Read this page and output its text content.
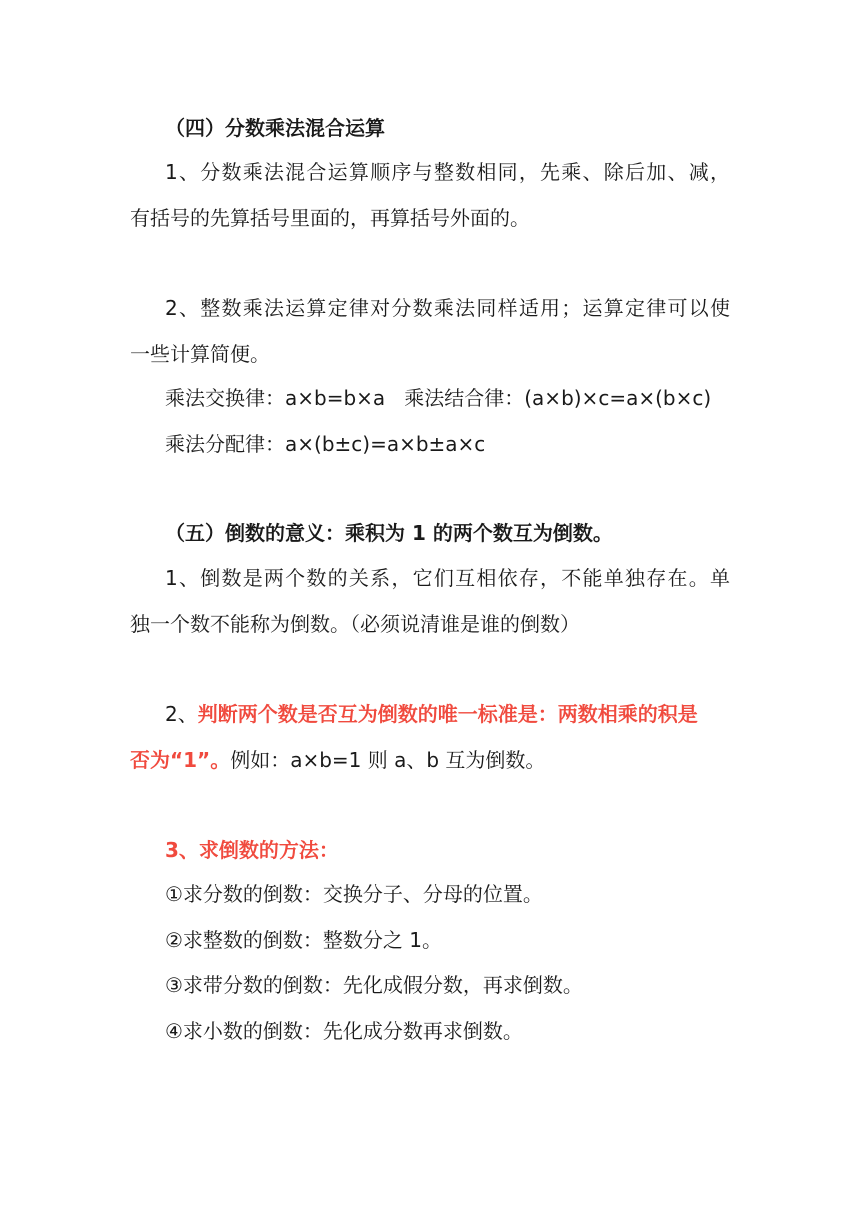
（四）分数乘法混合运算
1、分数乘法混合运算顺序与整数相同，先乘、除后加、减，
有括号的先算括号里面的，再算括号外面的。
2、整数乘法运算定律对分数乘法同样适用；运算定律可以使
一些计算简便。
乘法交换律：a×b=b×a   乘法结合律：(a×b)×c=a×(b×c)
乘法分配律：a×(b±c)=a×b±a×c
（五）倒数的意义：乘积为 1 的两个数互为倒数。
1、倒数是两个数的关系，它们互相依存，不能单独存在。单
独一个数不能称为倒数。（必须说清谁是谁的倒数）
2、判断两个数是否互为倒数的唯一标准是：两数相乘的积是
否为“1”。例如：a×b=1 则 a、b 互为倒数。
3、求倒数的方法：
①求分数的倒数：交换分子、分母的位置。
②求整数的倒数：整数分之 1。
③求带分数的倒数：先化成假分数，再求倒数。
④求小数的倒数：先化成分数再求倒数。
